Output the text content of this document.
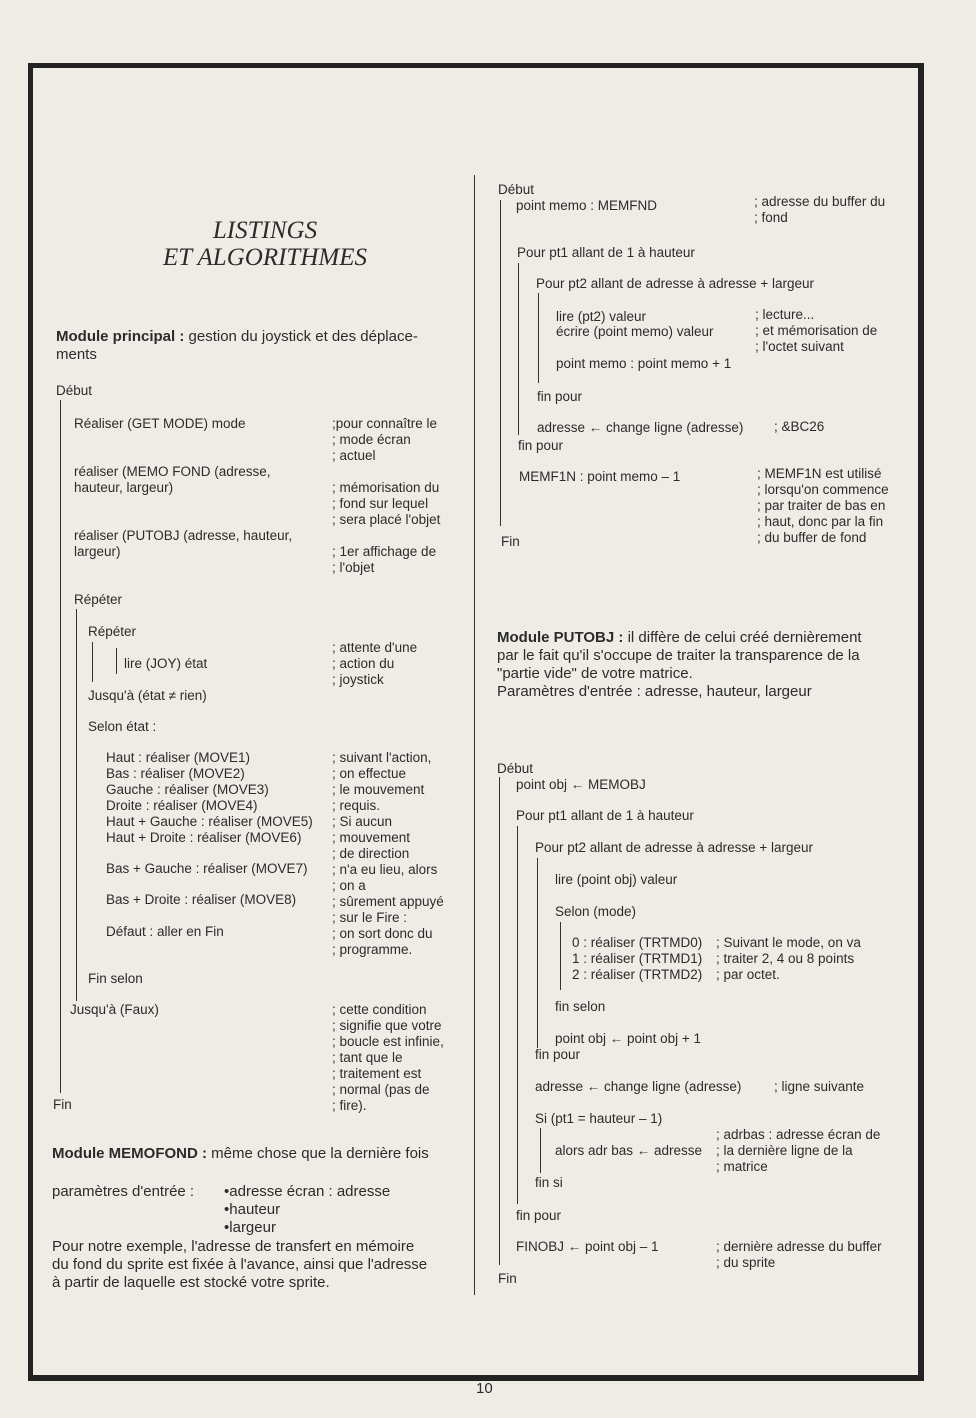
LISTINGS
ET ALGORITHMES
Module principal : gestion du joystick et des déplace-
ments
Début
Réaliser (GET MODE) mode	;pour connaître le
; mode écran
; actuel
réaliser (MEMO FOND (adresse,
hauteur, largeur)	; mémorisation du
; fond sur lequel
; sera placé l'objet
réaliser (PUTOBJ (adresse, hauteur,
largeur)	; 1er affichage de
; l'objet
Répéter
Répéter
; attente d'une
; action du
; joystick
lire (JOY) état
Jusqu'à (état ≠ rien)
Selon état :
Haut : réaliser (MOVE1)
Bas : réaliser (MOVE2)
Gauche : réaliser (MOVE3)
Droite : réaliser (MOVE4)
Haut + Gauche : réaliser (MOVE5)
Haut + Droite : réaliser (MOVE6)
Bas + Gauche : réaliser (MOVE7)
Bas + Droite : réaliser (MOVE8)
Défaut : aller en Fin
; suivant l'action,
; on effectue
; le mouvement
; requis.
; Si aucun
; mouvement
; de direction
; n'a eu lieu, alors
; on a
; sûrement appuyé
; sur le Fire :
; on sort donc du
; programme.
Fin selon
Jusqu'à (Faux)	; cette condition
; signifie que votre
; boucle est infinie,
; tant que le
; traitement est
; normal (pas de
; fire).
Fin
Module MEMOFOND : même chose que la dernière fois
paramètres d'entrée :
•	adresse écran : adresse
• hauteur
• largeur
Pour notre exemple, l'adresse de transfert en mémoire
du fond du sprite est fixée à l'avance, ainsi que l'adresse
à partir de laquelle est stocké votre sprite.
Début
point memo : MEMFND	; adresse du buffer du
; fond
Pour pt1 allant de 1 à hauteur
Pour pt2 allant de adresse à adresse + largeur
lire (pt2) valeur
écrire (point memo) valeur
; lecture...
; et mémorisation de
; l'octet suivant
point memo : point memo + 1
fin pour
adresse ← change ligne (adresse) ; &BC26
fin pour
MEMF1N : point memo – 1	; MEMF1N est utilisé
; lorsqu'on commence
; par traiter de bas en
; haut, donc par la fin
; du buffer de fond
Fin
Module PUTOBJ : il diffère de celui créé dernièrement
par le fait qu'il s'occupe de traiter la transparence de la
"partie vide" de votre matrice.
Paramètres d'entrée : adresse, hauteur, largeur
Début
point obj ← MEMOBJ
Pour pt1 allant de 1 à hauteur
Pour pt2 allant de adresse à adresse + largeur
lire (point obj) valeur
Selon (mode)
0 : réaliser (TRTMD0)
1 : réaliser (TRTMD1)
2 : réaliser (TRTMD2)
; Suivant le mode, on va
; traiter 2, 4 ou 8 points
; par octet.
fin selon
point obj ← point obj + 1
fin pour
adresse ← change ligne (adresse) ; ligne suivante
Si (pt1 = hauteur – 1)
; adrbas : adresse écran de
; la dernière ligne de la
; matrice
alors adr bas ← adresse
fin si
fin pour
FINOBJ ← point obj – 1	; dernière adresse du buffer
; du sprite
Fin
10
